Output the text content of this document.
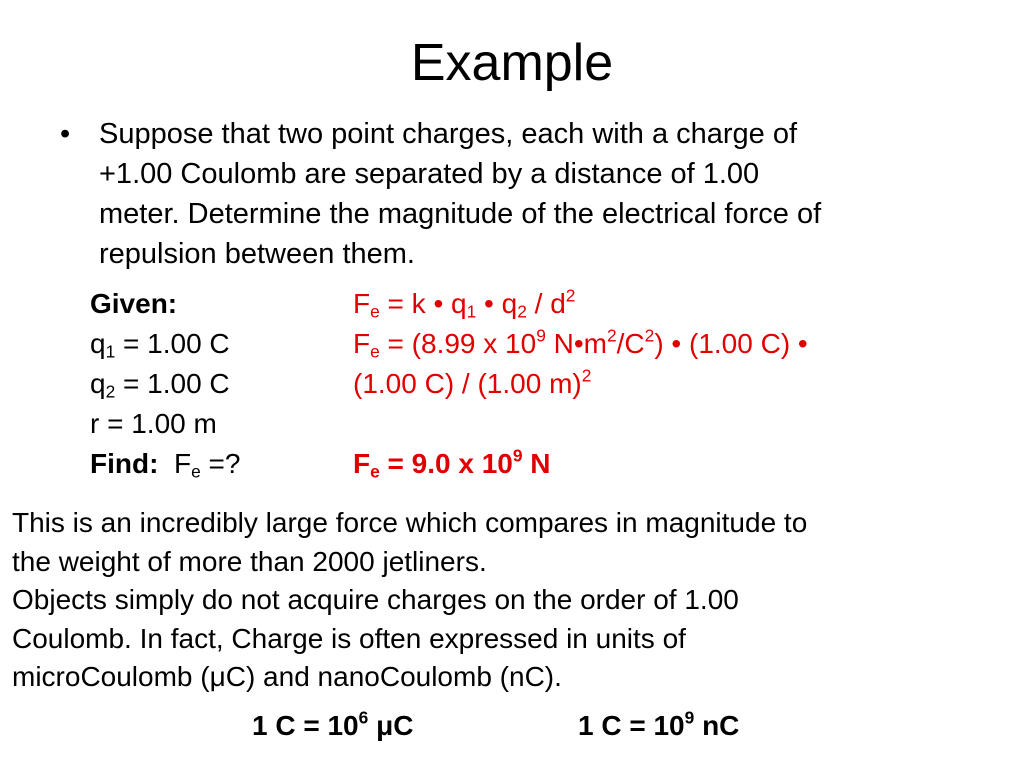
Example
• Suppose that two point charges, each with a charge of
+1.00 Coulomb are separated by a distance of 1.00
meter. Determine the magnitude of the electrical force of
repulsion between them.
Given:
$q_1 = 1.00$ C
$q_2 = 1.00$ C
r = 1.00 m
Find: $F_e$ =?
$F_e = k$ • $q_1$ • $q_2 / d^2$
$F_e = (8.99$ x $10^9$ $N•m^2/C^2$) • (1.00 C) •
(1.00 C) / (1.00 m)$^2$
$F_e = 9.0$ x $10^9$ N
This is an incredibly large force which compares in magnitude to
the weight of more than 2000 jetliners.
Objects simply do not acquire charges on the order of 1.00
Coulomb. In fact, Charge is often expressed in units of
microCoulomb (μC) and nanoCoulomb (nC).
1 $C = 10^6$ μC	1 $C = 10^9$ nC
